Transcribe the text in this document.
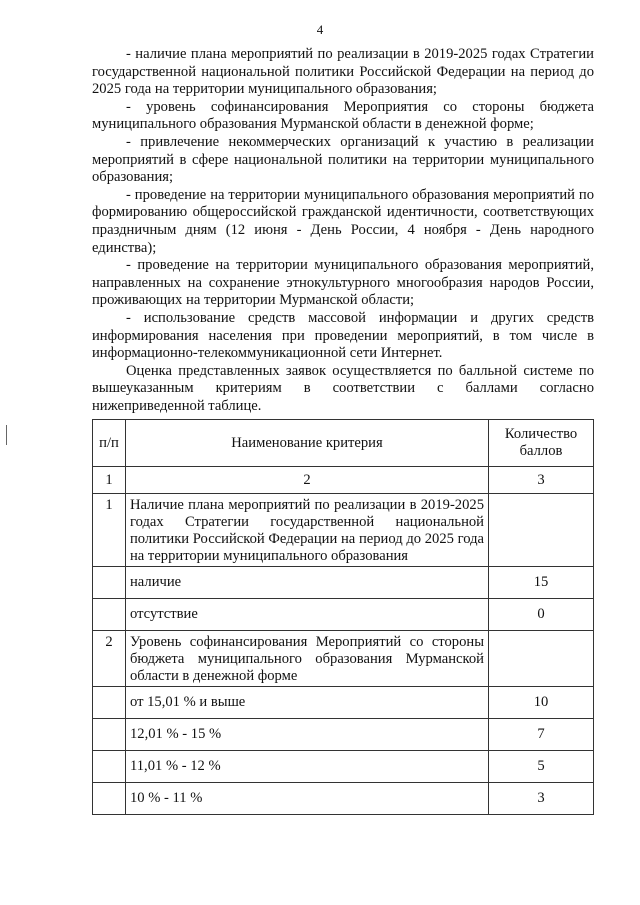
4

- наличие плана мероприятий по реализации в 2019-2025 годах Стратегии государственной национальной политики Российской Федерации на период до 2025 года на территории муниципального образования;

- уровень софинансирования Мероприятия со стороны бюджета муниципального образования Мурманской области в денежной форме;

- привлечение некоммерческих организаций к участию в реализации мероприятий в сфере национальной политики на территории муниципального образования;

- проведение на территории муниципального образования мероприятий по формированию общероссийской гражданской идентичности, соответствующих праздничным дням (12 июня - День России, 4 ноября - День народного единства);

- проведение на территории муниципального образования мероприятий, направленных на сохранение этнокультурного многообразия народов России, проживающих на территории Мурманской области;

- использование средств массовой информации и других средств информирования населения при проведении мероприятий, в том числе в информационно-телекоммуникационной сети Интернет.

Оценка представленных заявок осуществляется по балльной системе по вышеуказанным критериям в соответствии с баллами согласно нижеприведенной таблице.

п/п	Наименование критерия	Количество баллов
1	2	3
1	Наличие плана мероприятий по реализации в 2019-2025 годах Стратегии государственной национальной политики Российской Федерации на период до 2025 года на территории муниципального образования	
	наличие	15
	отсутствие	0
2	Уровень софинансирования Мероприятий со стороны бюджета муниципального образования Мурманской области в денежной форме	
	от 15,01 % и выше	10
	12,01 % - 15 %	7
	11,01 % - 12 %	5
	10 % - 11 %	3
